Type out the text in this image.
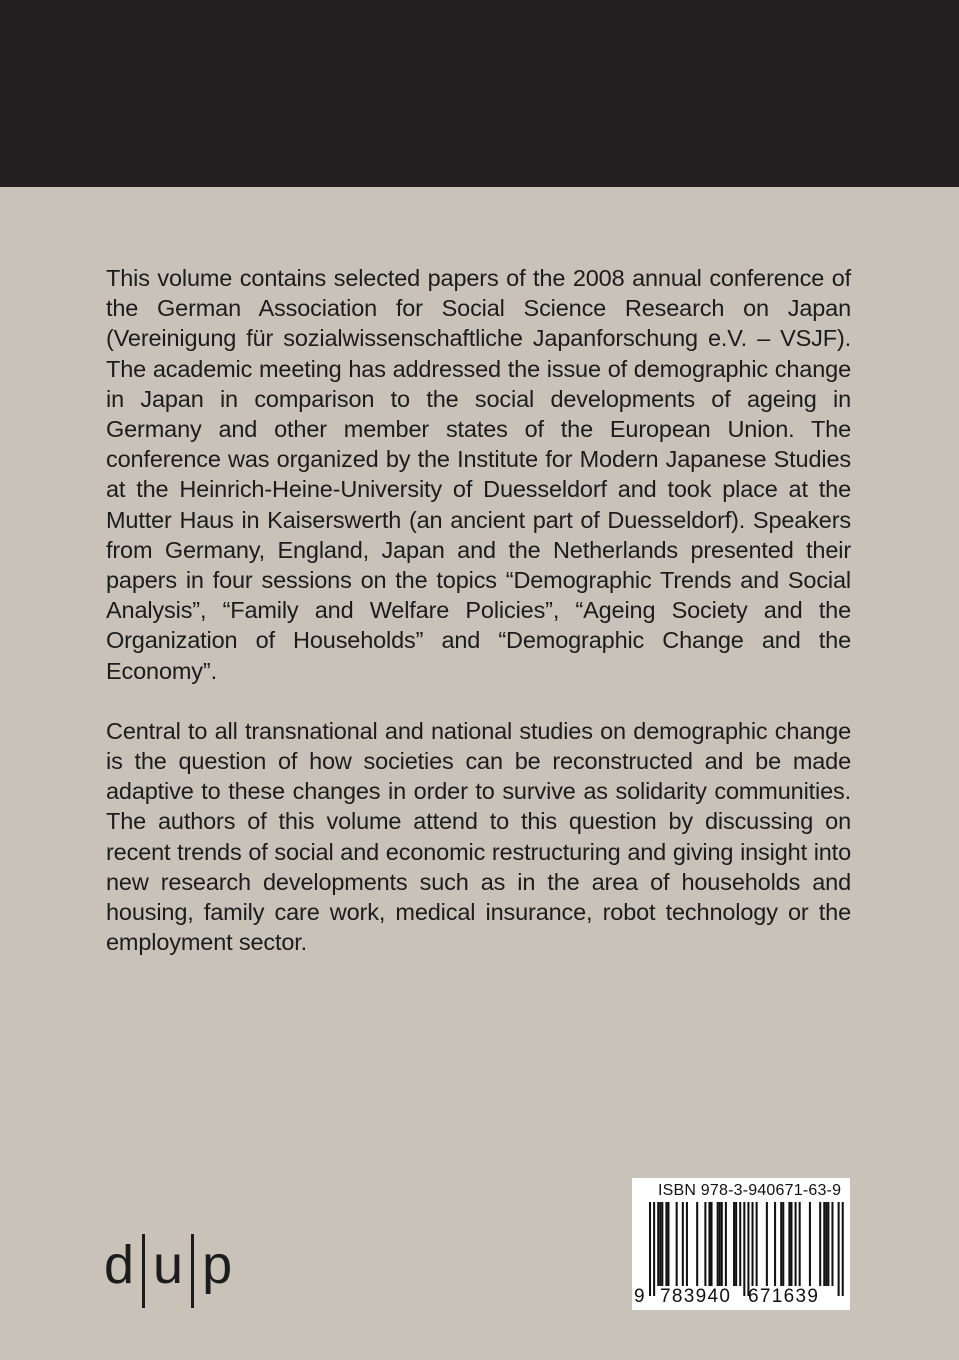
This volume contains selected papers of the 2008 annual conference of the German Association for Social Science Research on Japan (Vereinigung für sozialwissenschaftliche Japanforschung e.V. – VSJF). The academic meeting has addressed the issue of demographic change in Japan in comparison to the social developments of ageing in Germany and other member states of the European Union. The conference was organized by the Institute for Modern Japanese Studies at the Heinrich-Heine-University of Duesseldorf and took place at the Mutter Haus in Kaiserswerth (an ancient part of Duesseldorf). Speakers from Germany, England, Japan and the Netherlands presented their papers in four sessions on the topics “Demographic Trends and Social Analysis”, “Family and Welfare Policies”, “Ageing Society and the Organization of Households” and “Demographic Change and the Economy”.

Central to all transnational and national studies on demographic change is the question of how societies can be reconstructed and be made adaptive to these changes in order to survive as solidarity communities. The authors of this volume attend to this question by discussing on recent trends of social and economic restructuring and giving insight into new research developments such as in the area of households and housing, family care work, medical insurance, robot technology or the employment sector.

d u p
ISBN 978-3-940671-63-9
9 783940 671639
